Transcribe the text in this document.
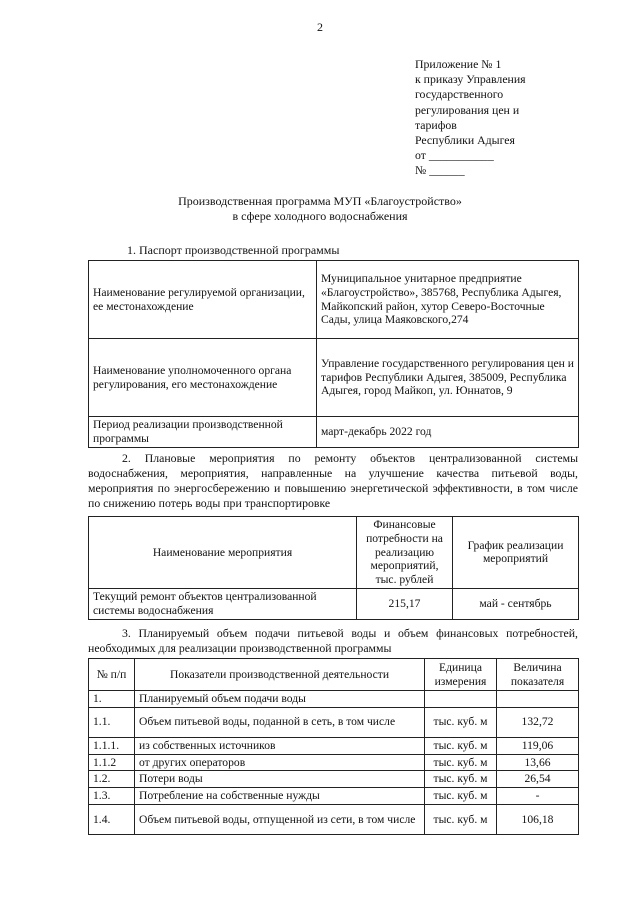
2
Приложение № 1
к приказу Управления
государственного
регулирования цен и
тарифов
Республики Адыгея
от ___________
№ ______
Производственная программа МУП «Благоустройство»
в сфере холодного водоснабжения
1. Паспорт производственной программы
Наименование регулируемой организации, ее местонахождение	Муниципальное унитарное предприятие «Благоустройство», 385768, Республика Адыгея, Майкопский район, хутор Северо-Восточные Сады, улица Маяковского,274
Наименование уполномоченного органа регулирования, его местонахождение	Управление государственного регулирования цен и тарифов Республики Адыгея, 385009, Республика Адыгея, город Майкоп, ул. Юннатов, 9
Период реализации производственной программы	март-декабрь 2022 год
2. Плановые мероприятия по ремонту объектов централизованной системы водоснабжения, мероприятия, направленные на улучшение качества питьевой воды, мероприятия по энергосбережению и повышению энергетической эффективности, в том числе по снижению потерь воды при транспортировке
Наименование мероприятия	Финансовые потребности на реализацию мероприятий, тыс. рублей	График реализации мероприятий
Текущий ремонт объектов централизованной системы водоснабжения	215,17	май - сентябрь
3. Планируемый объем подачи питьевой воды и объем финансовых потребностей, необходимых для реализации производственной программы
№ п/п	Показатели производственной деятельности	Единица измерения	Величина показателя
1.	Планируемый объем подачи воды		
1.1.	Объем питьевой воды, поданной в сеть, в том числе	тыс. куб. м	132,72
1.1.1.	из собственных источников	тыс. куб. м	119,06
1.1.2	от других операторов	тыс. куб. м	13,66
1.2.	Потери воды	тыс. куб. м	26,54
1.3.	Потребление на собственные нужды	тыс. куб. м	-
1.4.	Объем питьевой воды, отпущенной из сети, в том числе	тыс. куб. м	106,18
